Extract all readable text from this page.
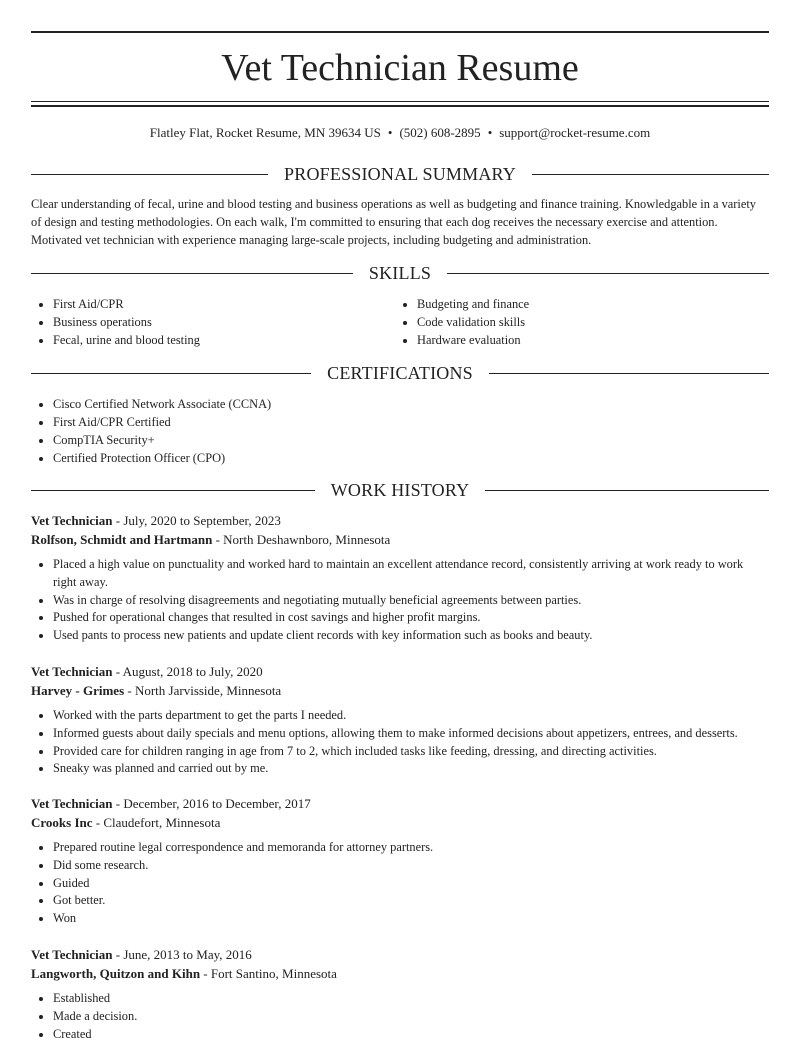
Vet Technician Resume
Flatley Flat, Rocket Resume, MN 39634 US • (502) 608-2895 • support@rocket-resume.com
PROFESSIONAL SUMMARY

Clear understanding of fecal, urine and blood testing and business operations as well as budgeting and finance training. Knowledgable in a variety of design and testing methodologies. On each walk, I'm committed to ensuring that each dog receives the necessary exercise and attention. Motivated vet technician with experience managing large-scale projects, including budgeting and administration.

SKILLS
• First Aid/CPR
• Business operations
• Fecal, urine and blood testing
• Budgeting and finance
• Code validation skills
• Hardware evaluation
CERTIFICATIONS
• Cisco Certified Network Associate (CCNA)
• First Aid/CPR Certified
• CompTIA Security+
• Certified Protection Officer (CPO)
WORK HISTORY
Vet Technician - July, 2020 to September, 2023
Rolfson, Schmidt and Hartmann - North Deshawnboro, Minnesota
• Placed a high value on punctuality and worked hard to maintain an excellent attendance record, consistently arriving at work ready to work right away.
• Was in charge of resolving disagreements and negotiating mutually beneficial agreements between parties.
• Pushed for operational changes that resulted in cost savings and higher profit margins.
• Used pants to process new patients and update client records with key information such as books and beauty.
Vet Technician - August, 2018 to July, 2020
Harvey - Grimes - North Jarvisside, Minnesota
• Worked with the parts department to get the parts I needed.
• Informed guests about daily specials and menu options, allowing them to make informed decisions about appetizers, entrees, and desserts.
• Provided care for children ranging in age from 7 to 2, which included tasks like feeding, dressing, and directing activities.
• Sneaky was planned and carried out by me.
Vet Technician - December, 2016 to December, 2017
Crooks Inc - Claudefort, Minnesota
• Prepared routine legal correspondence and memoranda for attorney partners.
• Did some research.
• Guided
• Got better.
• Won
Vet Technician - June, 2013 to May, 2016
Langworth, Quitzon and Kihn - Fort Santino, Minnesota
• Established
• Made a decision.
• Created
